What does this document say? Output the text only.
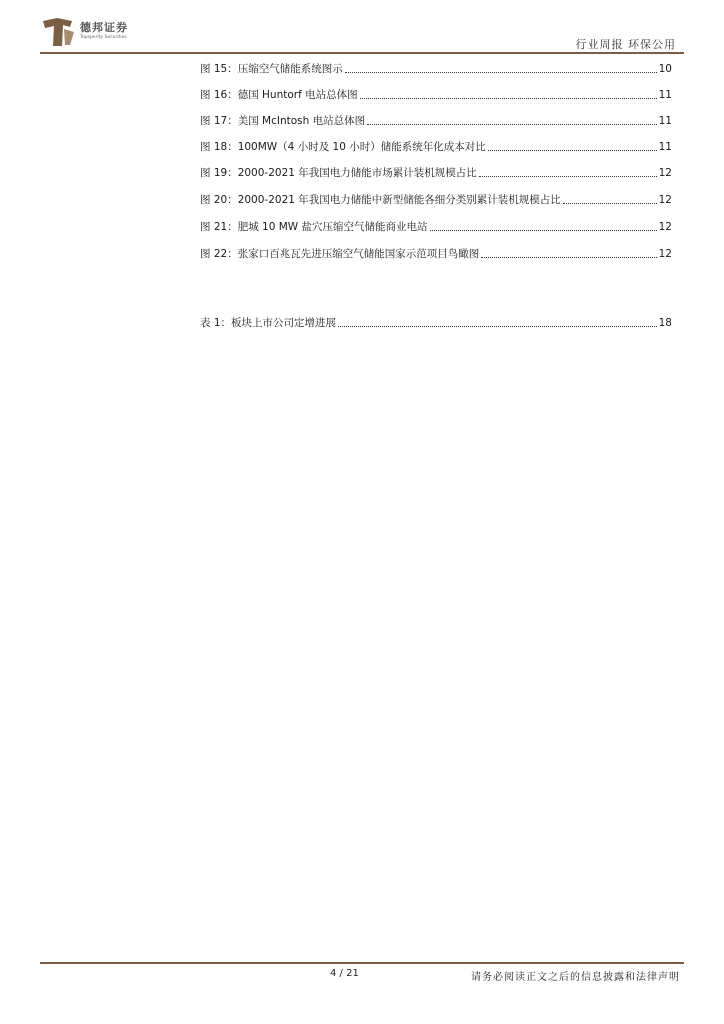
德邦证券
Topsperity Securities
行业周报 环保公用
图 15：压缩空气储能系统图示	10
图 16：德国 Huntorf 电站总体图	11
图 17：美国 McIntosh 电站总体图	11
图 18：100MW（4 小时及 10 小时）储能系统年化成本对比	11
图 19：2000-2021 年我国电力储能市场累计装机规模占比	12
图 20：2000-2021 年我国电力储能中新型储能各细分类别累计装机规模占比	12
图 21：肥城 10 MW 盐穴压缩空气储能商业电站	12
图 22：张家口百兆瓦先进压缩空气储能国家示范项目鸟瞰图	12
表 1：板块上市公司定增进展	18
4 / 21	请务必阅读正文之后的信息披露和法律声明
